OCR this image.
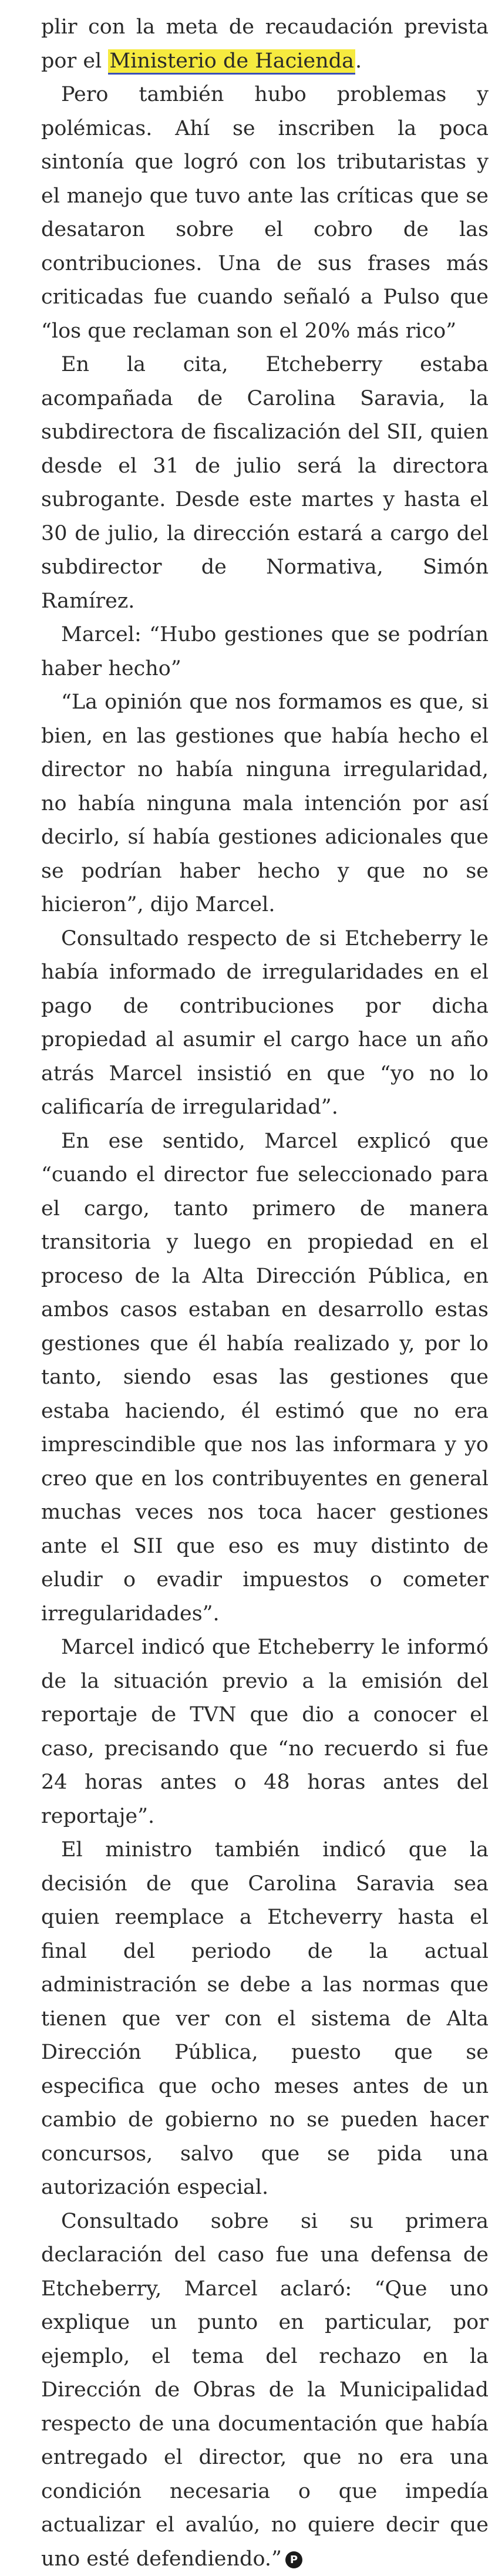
plir con la meta de recaudación prevista por el Ministerio de Hacienda.

Pero también hubo problemas y polémicas. Ahí se inscriben la poca sintonía que logró con los tributaristas y el manejo que tuvo ante las críticas que se desataron sobre el cobro de las contribuciones. Una de sus frases más criticadas fue cuando señaló a Pulso que “los que reclaman son el 20% más rico”

En la cita, Etcheberry estaba acompañada de Carolina Saravia, la subdirectora de fiscalización del SII, quien desde el 31 de julio será la directora subrogante. Desde este martes y hasta el 30 de julio, la dirección estará a cargo del subdirector de Normativa, Simón Ramírez.

Marcel: “Hubo gestiones que se podrían haber hecho”

“La opinión que nos formamos es que, si bien, en las gestiones que había hecho el director no había ninguna irregularidad, no había ninguna mala intención por así decirlo, sí había gestiones adicionales que se podrían haber hecho y que no se hicieron”, dijo Marcel.

Consultado respecto de si Etcheberry le había informado de irregularidades en el pago de contribuciones por dicha propiedad al asumir el cargo hace un año atrás Marcel insistió en que “yo no lo calificaría de irregularidad”.

En ese sentido, Marcel explicó que “cuando el director fue seleccionado para el cargo, tanto primero de manera transitoria y luego en propiedad en el proceso de la Alta Dirección Pública, en ambos casos estaban en desarrollo estas gestiones que él había realizado y, por lo tanto, siendo esas las gestiones que estaba haciendo, él estimó que no era imprescindible que nos las informara y yo creo que en los contribuyentes en general muchas veces nos toca hacer gestiones ante el SII que eso es muy distinto de eludir o evadir impuestos o cometer irregularidades”.

Marcel indicó que Etcheberry le informó de la situación previo a la emisión del reportaje de TVN que dio a conocer el caso, precisando que “no recuerdo si fue 24 horas antes o 48 horas antes del reportaje”.

El ministro también indicó que la decisión de que Carolina Saravia sea quien reemplace a Etcheverry hasta el final del periodo de la actual administración se debe a las normas que tienen que ver con el sistema de Alta Dirección Pública, puesto que se especifica que ocho meses antes de un cambio de gobierno no se pueden hacer concursos, salvo que se pida una autorización especial.

Consultado sobre si su primera declaración del caso fue una defensa de Etcheberry, Marcel aclaró: “Que uno explique un punto en particular, por ejemplo, el tema del rechazo en la Dirección de Obras de la Municipalidad respecto de una documentación que había entregado el director, que no era una condición necesaria o que impedía actualizar el avalúo, no quiere decir que uno esté defendiendo.” P
